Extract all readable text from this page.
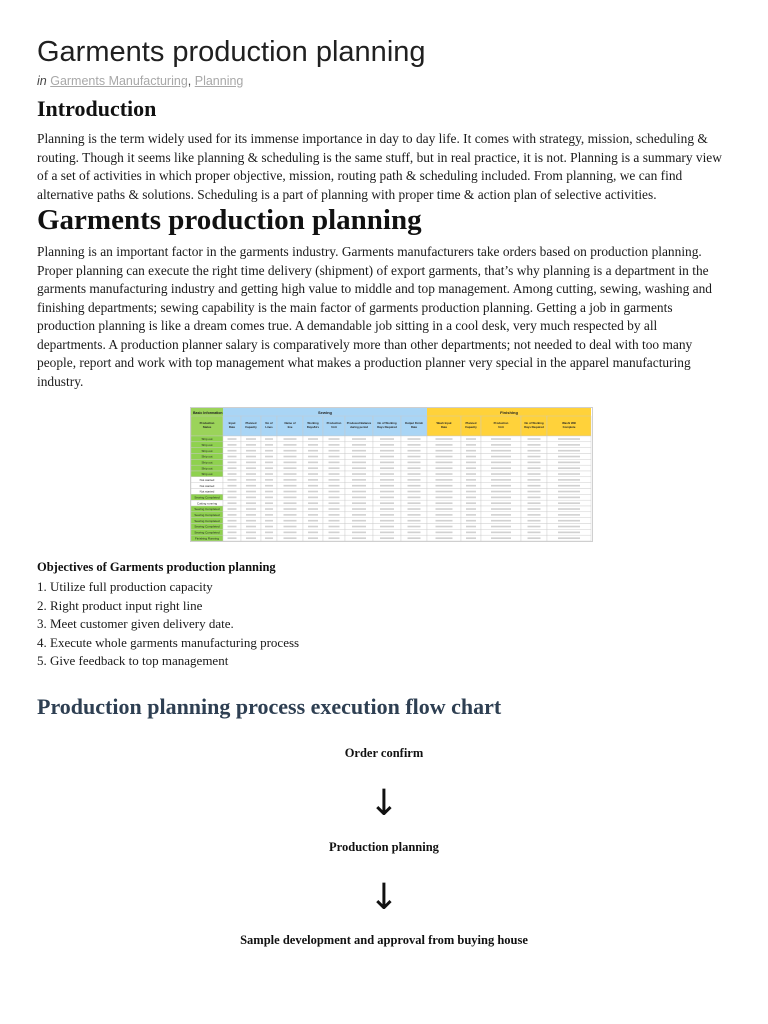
Garments production planning
in Garments Manufacturing, Planning
Introduction
Planning is the term widely used for its immense importance in day to day life. It comes with strategy, mission, scheduling &
routing. Though it seems like planning & scheduling is the same stuff, but in real practice, it is not. Planning is a summary view
of a set of activities in which proper objective, mission, routing path & scheduling included. From planning, we can find
alternative paths & solutions. Scheduling is a part of planning with proper time & action plan of selective activities.
Garments production planning
Planning is an important factor in the garments industry. Garments manufacturers take orders based on production planning.
Proper planning can execute the right time delivery (shipment) of export garments, that’s why planning is a department in the
garments manufacturing industry and getting high value to middle and top management. Among cutting, sewing, washing and
finishing departments; sewing capability is the main factor of garments production planning. Getting a job in garments
production planning is like a dream comes true. A demandable job sitting in a cool desk, very much respected by all
departments. A production planner salary is comparatively more than other departments; not needed to deal with too many
people, report and work with top management what makes a production planner very special in the apparel manufacturing
industry.
Basic Information	Sewing	Finishing
Production
Status
Input
Date
Planned
Capacity
No of
Lines
Name of
line
Working
Days/Hrs
Production
Unit
Produced Balance
during period
No of Working
Days Required
Output Finish
Date
Wash Input
Date
Planned
Capacity
Production
Unit
No of Working
Days Required
Wash/ Will
Complete
Ship out
Ship out
Ship out
Ship out
Ship out
Ship out
Ship out
Not started
Not started
Not started
Sewing Completed
Cutting running
Sewing Completed
Sewing Completed
Sewing Completed
Sewing Completed
Sewing Completed
Finishing Running
Objectives of Garments production planning
1. Utilize full production capacity
2. Right product input right line
3. Meet customer given delivery date.
4. Execute whole garments manufacturing process
5. Give feedback to top management
Production planning process execution flow chart
Order confirm
↓
Production planning
↓
Sample development and approval from buying house
